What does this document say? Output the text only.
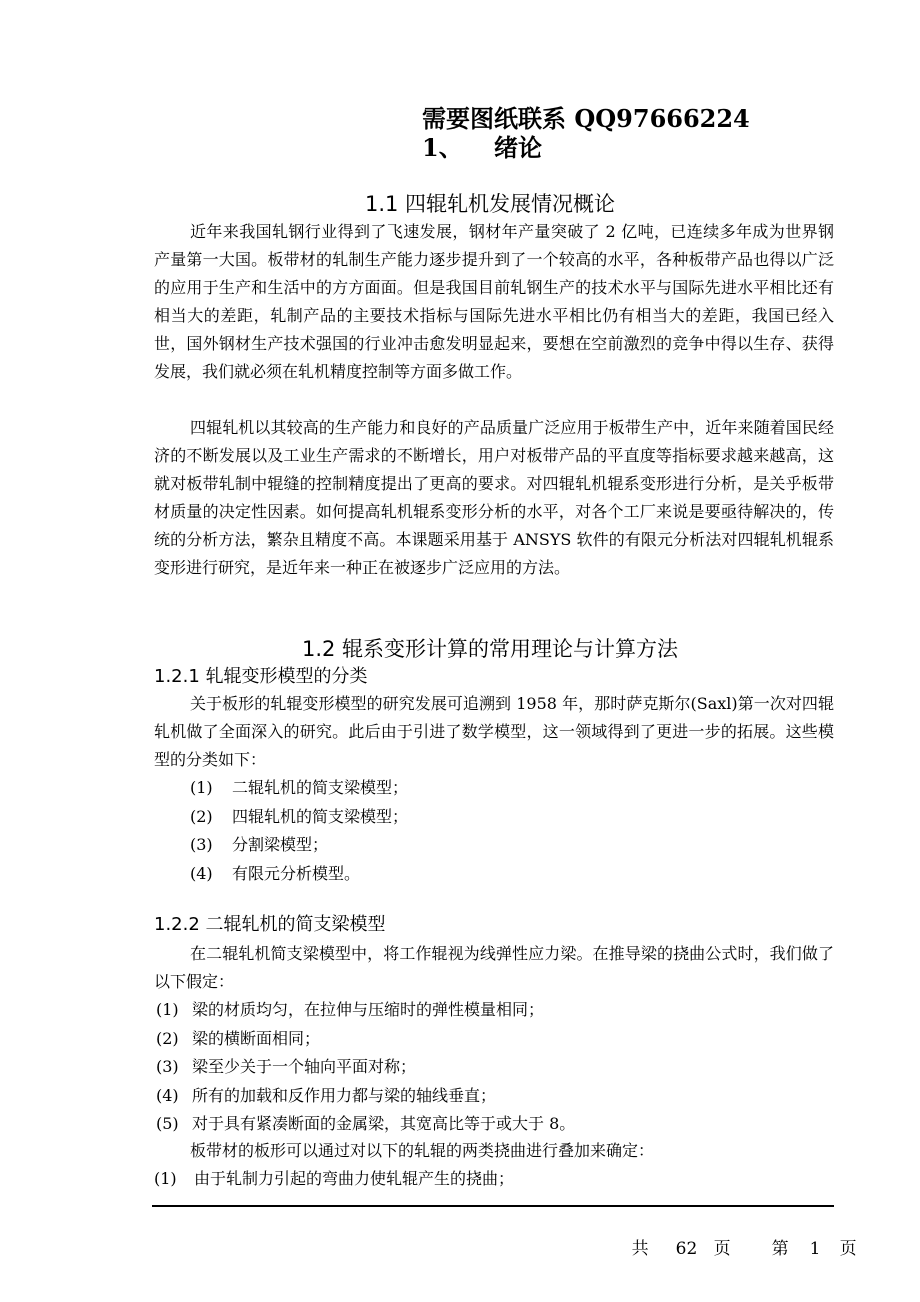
需要图纸联系 QQ97666224
1、	绪论
1.1 四辊轧机发展情况概论

近年来我国轧钢行业得到了飞速发展，钢材年产量突破了 2 亿吨，已连续多年成为世界钢产量第一大国。板带材的轧制生产能力逐步提升到了一个较高的水平，各种板带产品也得以广泛的应用于生产和生活中的方方面面。但是我国目前轧钢生产的技术水平与国际先进水平相比还有相当大的差距，轧制产品的主要技术指标与国际先进水平相比仍有相当大的差距，我国已经入世，国外钢材生产技术强国的行业冲击愈发明显起来，要想在空前激烈的竞争中得以生存、获得发展，我们就必须在轧机精度控制等方面多做工作。

四辊轧机以其较高的生产能力和良好的产品质量广泛应用于板带生产中，近年来随着国民经济的不断发展以及工业生产需求的不断增长，用户对板带产品的平直度等指标要求越来越高，这就对板带轧制中辊缝的控制精度提出了更高的要求。对四辊轧机辊系变形进行分析，是关乎板带材质量的决定性因素。如何提高轧机辊系变形分析的水平，对各个工厂来说是要亟待解决的，传统的分析方法，繁杂且精度不高。本课题采用基于 ANSYS 软件的有限元分析法对四辊轧机辊系变形进行研究，是近年来一种正在被逐步广泛应用的方法。

1.2 辊系变形计算的常用理论与计算方法
1.2.1 轧辊变形模型的分类

关于板形的轧辊变形模型的研究发展可追溯到 1958 年，那时萨克斯尔(Saxl)第一次对四辊轧机做了全面深入的研究。此后由于引进了数学模型，这一领域得到了更进一步的拓展。这些模型的分类如下：

(1)	二辊轧机的简支梁模型；
(2)	四辊轧机的简支梁模型；
(3)	分割梁模型；
(4)	有限元分析模型。
1.2.2 二辊轧机的简支梁模型

在二辊轧机简支梁模型中，将工作辊视为线弹性应力梁。在推导梁的挠曲公式时，我们做了以下假定：

(1) 梁的材质均匀，在拉伸与压缩时的弹性模量相同；
(2) 梁的横断面相同；
(3) 梁至少关于一个轴向平面对称；
(4) 所有的加载和反作用力都与梁的轴线垂直；
(5) 对于具有紧凑断面的金属梁，其宽高比等于或大于 8。

板带材的板形可以通过对以下的轧辊的两类挠曲进行叠加来确定：

(1)	由于轧制力引起的弯曲力使轧辊产生的挠曲；

共 62 页 第 1 页
